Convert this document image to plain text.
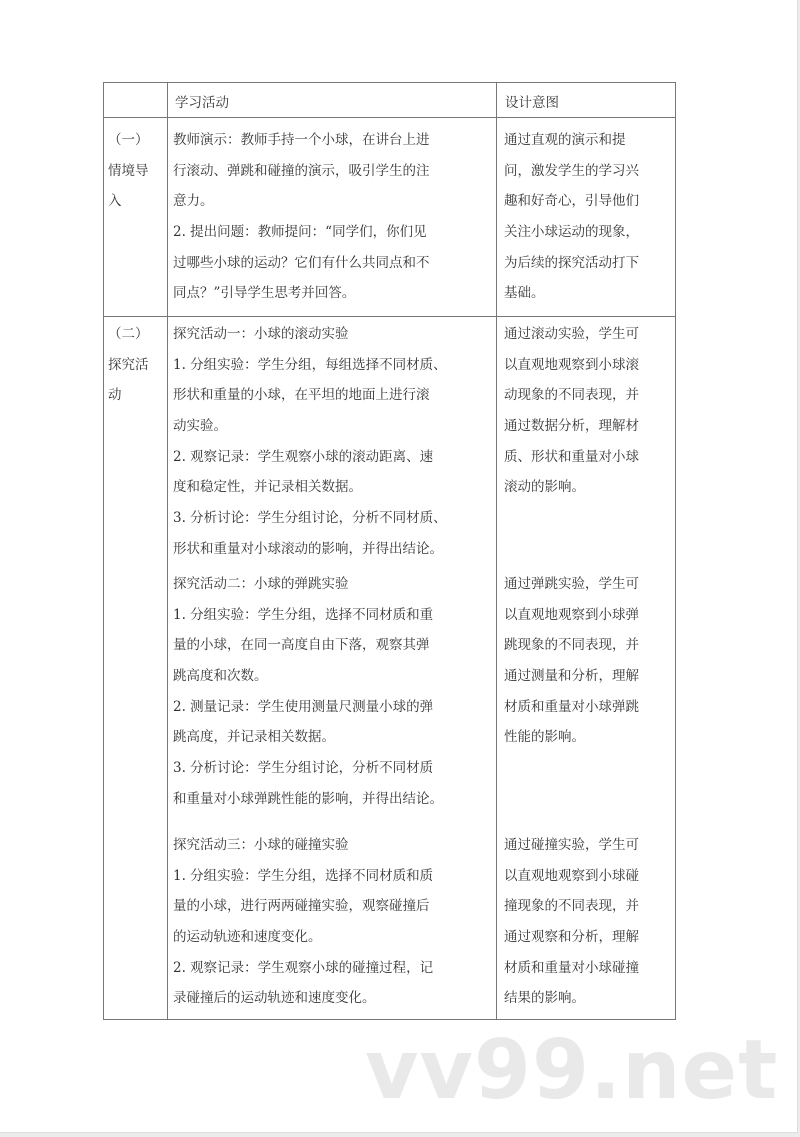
学习活动	设计意图
（一）
情境导
入
教师演示：教师手持一个小球，在讲台上进
行滚动、弹跳和碰撞的演示，吸引学生的注
意力。
2. 提出问题：教师提问：“同学们，你们见
过哪些小球的运动？它们有什么共同点和不
同点？”引导学生思考并回答。
通过直观的演示和提
问，激发学生的学习兴
趣和好奇心，引导他们
关注小球运动的现象，
为后续的探究活动打下
基础。
（二）
探究活
动
探究活动一：小球的滚动实验
1. 分组实验：学生分组，每组选择不同材质、
形状和重量的小球，在平坦的地面上进行滚
动实验。
2. 观察记录：学生观察小球的滚动距离、速
度和稳定性，并记录相关数据。
3. 分析讨论：学生分组讨论，分析不同材质、
形状和重量对小球滚动的影响，并得出结论。
通过滚动实验，学生可
以直观地观察到小球滚
动现象的不同表现，并
通过数据分析，理解材
质、形状和重量对小球
滚动的影响。
探究活动二：小球的弹跳实验
1. 分组实验：学生分组，选择不同材质和重
量的小球，在同一高度自由下落，观察其弹
跳高度和次数。
2. 测量记录：学生使用测量尺测量小球的弹
跳高度，并记录相关数据。
3. 分析讨论：学生分组讨论，分析不同材质
和重量对小球弹跳性能的影响，并得出结论。
通过弹跳实验，学生可
以直观地观察到小球弹
跳现象的不同表现，并
通过测量和分析，理解
材质和重量对小球弹跳
性能的影响。
探究活动三：小球的碰撞实验
1. 分组实验：学生分组，选择不同材质和质
量的小球，进行两两碰撞实验，观察碰撞后
的运动轨迹和速度变化。
2. 观察记录：学生观察小球的碰撞过程，记
录碰撞后的运动轨迹和速度变化。
通过碰撞实验，学生可
以直观地观察到小球碰
撞现象的不同表现，并
通过观察和分析，理解
材质和重量对小球碰撞
结果的影响。
vv99.net
